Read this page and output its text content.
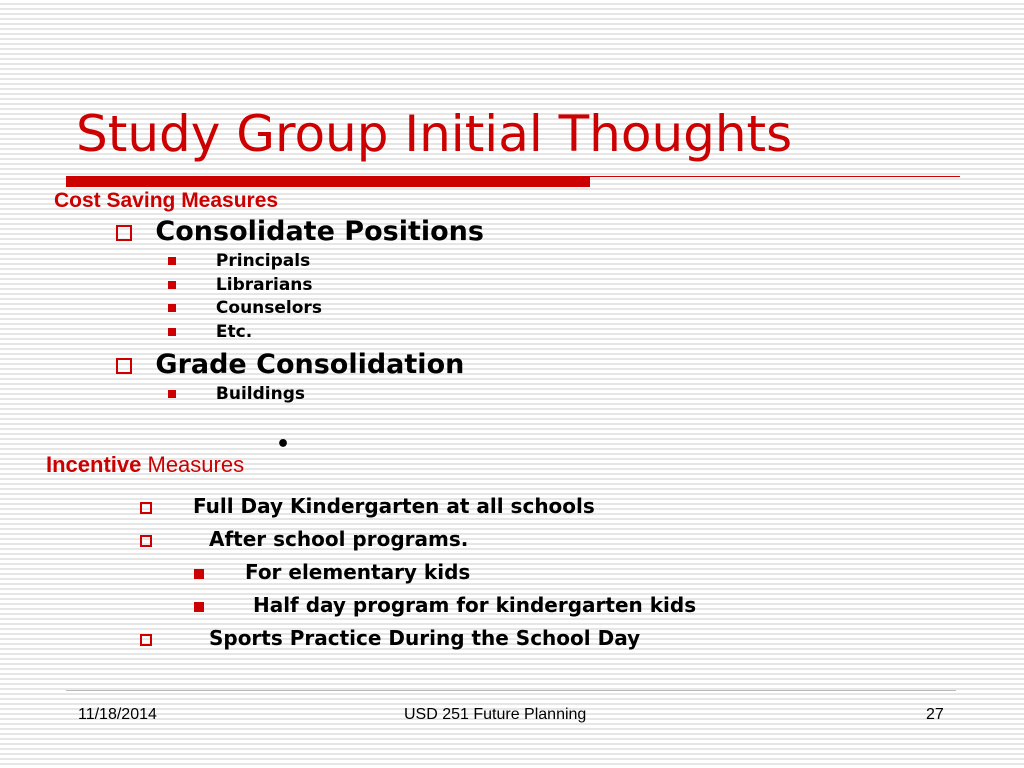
Study Group Initial Thoughts
Cost Saving Measures
Consolidate Positions
Principals
Librarians
Counselors
Etc.
Grade Consolidation
Buildings
•
Incentive Measures
Full Day Kindergarten at all schools
After school programs.
For elementary kids
Half day program for kindergarten kids
Sports Practice During the School Day
11/18/2014	USD 251 Future Planning	27
